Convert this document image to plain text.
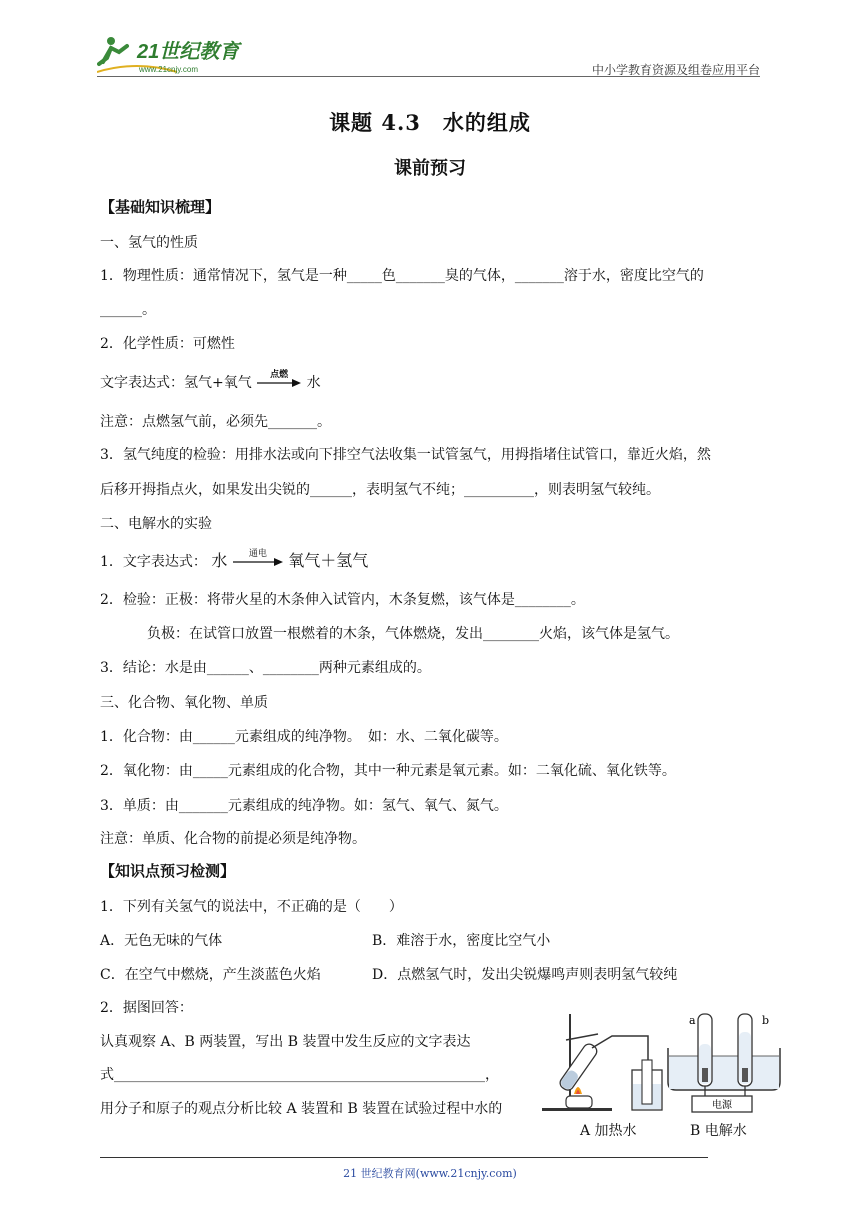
21世纪教育
www.21cnjy.com	中小学教育资源及组卷应用平台
课题 4.3　水的组成
课前预习
【基础知识梳理】
一、氢气的性质
1．物理性质：通常情况下，氢气是一种_____色_______臭的气体，_______溶于水，密度比空气的
______。
2．化学性质：可燃性
文字表达式：氢气+氧气	点燃	水
注意：点燃氢气前，必须先_______。
3．氢气纯度的检验：用排水法或向下排空气法收集一试管氢气，用拇指堵住试管口，靠近火焰，然
后移开拇指点火，如果发出尖锐的______，表明氢气不纯；__________，则表明氢气较纯。
二、电解水的实验
1．文字表达式： 水	通电	氧气＋氢气
2．检验：正极：将带火星的木条伸入试管内，木条复燃，该气体是________。
负极：在试管口放置一根燃着的木条，气体燃烧，发出________火焰，该气体是氢气。
3．结论：水是由______、________两种元素组成的。
三、化合物、氧化物、单质
1．化合物：由______元素组成的纯净物。　如：水、二氧化碳等。
2．氧化物：由_____元素组成的化合物，其中一种元素是氧元素。如：二氧化硫、氧化铁等。
3．单质：由_______元素组成的纯净物。如：氢气、氧气、氮气。
注意：单质、化合物的前提必须是纯净物。
【知识点预习检测】
1．下列有关氢气的说法中，不正确的是（　　）
A．无色无味的气体	B．难溶于水，密度比空气小
C．在空气中燃烧，产生淡蓝色火焰	D．点燃氢气时，发出尖锐爆鸣声则表明氢气较纯
2．据图回答：
认真观察 A、B 两装置，写出 B 装置中发生反应的文字表达
式_____________________________________________________，
用分子和原子的观点分析比较 A 装置和 B 装置在试验过程中水的
a	b
电源
A 加热水	B 电解水
21 世纪教育网(www.21cnjy.com)
